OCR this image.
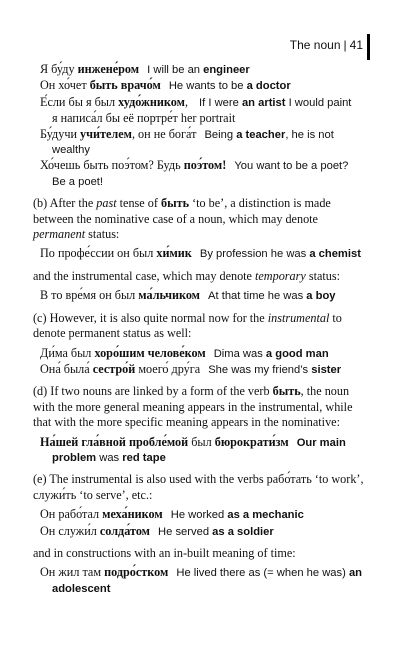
The noun | 41
Я бу́ду инжене́ром I will be an engineer
Он хо́чет быть врачо́м He wants to be a doctor
Е́сли бы я был худо́жником, If I were an artist I would paint
я написа́л бы её портре́т her portrait
Бу́дучи учи́телем, он не бога́т Being a teacher, he is not
wealthy
Хо́чешь быть поэ́том? Будь поэ́том! You want to be a poet?
Be a poet!

(b) After the past tense of быть ‘to be’, a distinction is made between the nominative case of a noun, which may denote permanent status:

По профе́ссии он был хи́мик By profession he was a chemist

and the instrumental case, which may denote temporary status:

В то вре́мя он был ма́льчиком At that time he was a boy

(c) However, it is also quite normal now for the instrumental to denote permanent status as well:

Ди́ма был хоро́шим челове́ком Dima was a good man
Она́ была́ сестро́й моего́ дру́га She was my friend’s sister

(d) If two nouns are linked by a form of the verb быть, the noun with the more general meaning appears in the instrumental, while that with the more specific meaning appears in the nominative:

На́шей гла́вной пробле́мой был бюрократи́зм Our main
problem was red tape

(e) The instrumental is also used with the verbs рабо́тать ‘to work’, служи́ть ‘to serve’, etc.:

Он рабо́тал меха́ником He worked as a mechanic
Он служи́л солда́том He served as a soldier

and in constructions with an in-built meaning of time:

Он жил там подро́стком He lived there as (= when he was) an
adolescent
